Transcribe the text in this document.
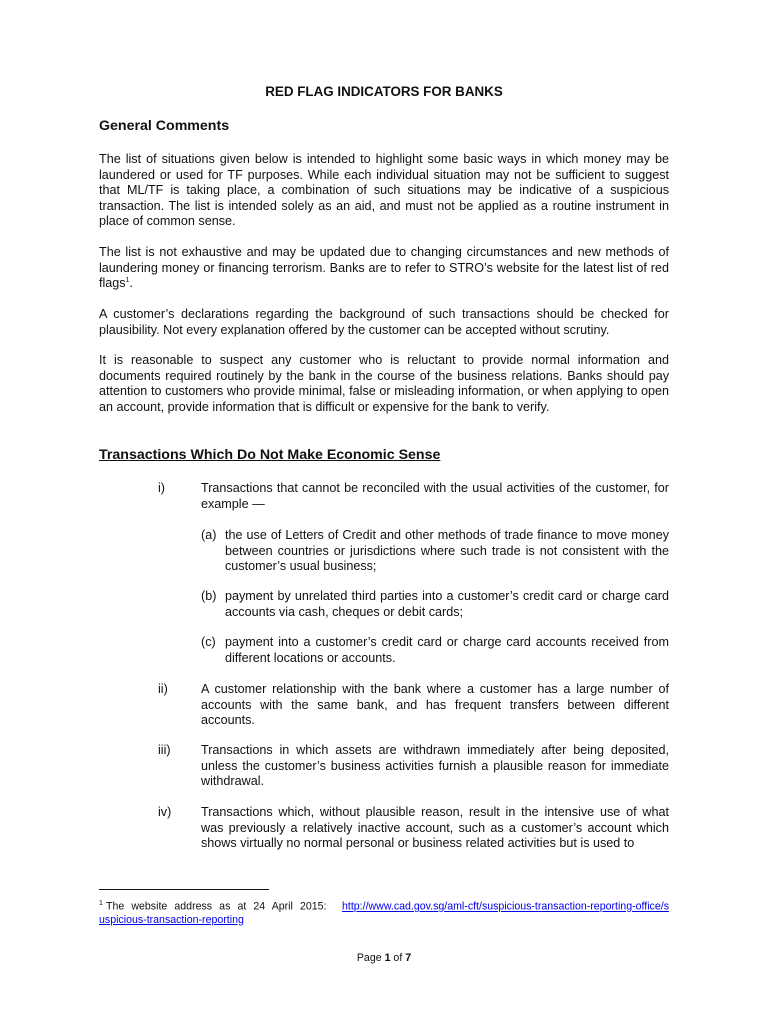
RED FLAG INDICATORS FOR BANKS
General Comments

The list of situations given below is intended to highlight some basic ways in which money may be laundered or used for TF purposes. While each individual situation may not be sufficient to suggest that ML/TF is taking place, a combination of such situations may be indicative of a suspicious transaction. The list is intended solely as an aid, and must not be applied as a routine instrument in place of common sense.

The list is not exhaustive and may be updated due to changing circumstances and new methods of laundering money or financing terrorism. Banks are to refer to STRO’s website for the latest list of red flags$^1$.

A customer’s declarations regarding the background of such transactions should be checked for plausibility. Not every explanation offered by the customer can be accepted without scrutiny.

It is reasonable to suspect any customer who is reluctant to provide normal information and documents required routinely by the bank in the course of the business relations. Banks should pay attention to customers who provide minimal, false or misleading information, or when applying to open an account, provide information that is difficult or expensive for the bank to verify.

Transactions Which Do Not Make Economic Sense
i)	Transactions that cannot be reconciled with the usual activities of the customer, for example —
(a) the use of Letters of Credit and other methods of trade finance to move money between countries or jurisdictions where such trade is not consistent with the customer’s usual business;
(b) payment by unrelated third parties into a customer’s credit card or charge card accounts via cash, cheques or debit cards;
(c) payment into a customer’s credit card or charge card accounts received from different locations or accounts.
ii)	A customer relationship with the bank where a customer has a large number of accounts with the same bank, and has frequent transfers between different accounts.
iii)	Transactions in which assets are withdrawn immediately after being deposited, unless the customer’s business activities furnish a plausible reason for immediate withdrawal.
iv)	Transactions which, without plausible reason, result in the intensive use of what was previously a relatively inactive account, such as a customer’s account which shows virtually no normal personal or business related activities but is used to
$^1$ The website address as at 24 April 2015: http://www.cad.gov.sg/aml-cft/suspicious-transaction-reporting-office/suspicious-transaction-reporting
Page 1 of 7
